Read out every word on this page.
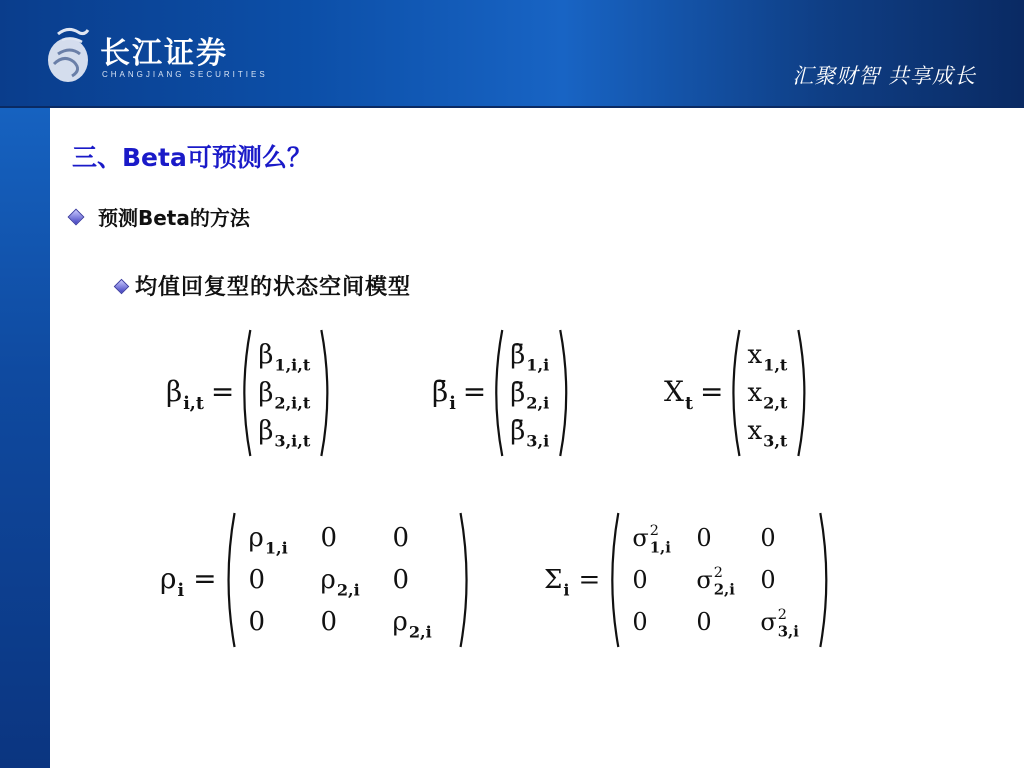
长江证券
CHANGJIANG SECURITIES	汇聚财智 共享成长
三、Beta可预测么？
预测Beta的方法
均值回复型的状态空间模型
β i,t =
β 1,i,t
β 2,i,t
β 3,i,t
β̄ i =
β̄ 1,i
β̄ 2,i
β̄ 3,i
X t =
x 1,t
x 2,t
x 3,t
ρ i =
ρ 1,i 0 0
0 ρ 2,i 0
0 0 ρ 2,i
Σ i =
σ 2
1,i 0 0
0 σ 2
2,i 0
0 0 σ 2
3,i
